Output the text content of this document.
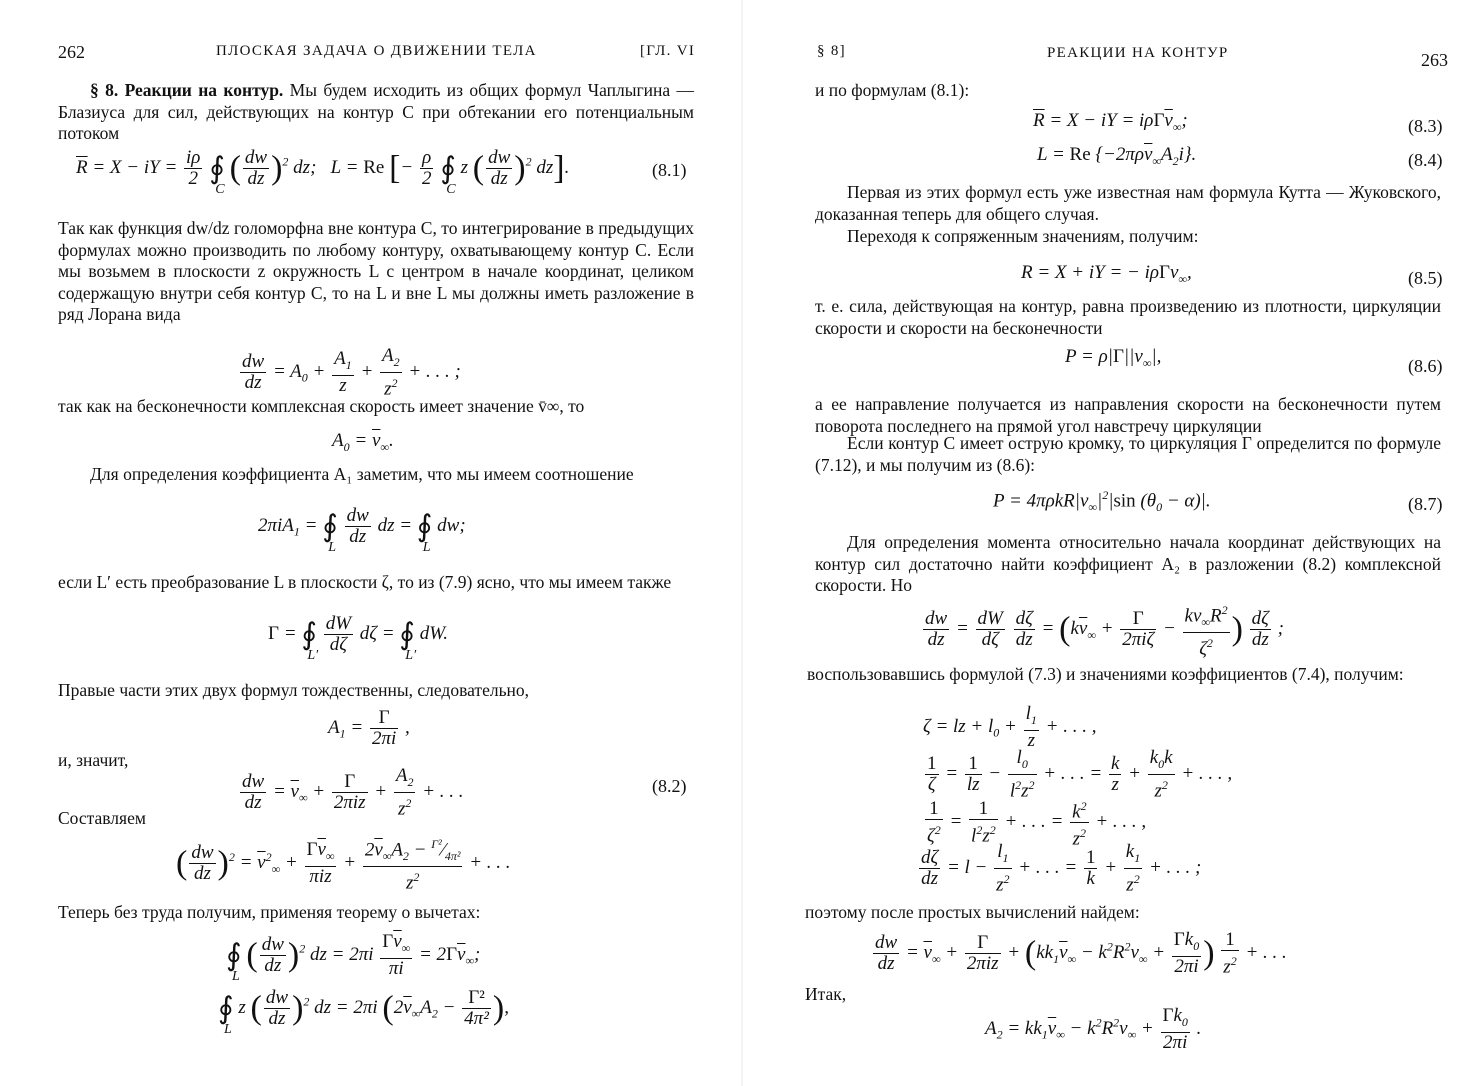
262	ПЛОСКАЯ ЗАДАЧА О ДВИЖЕНИИ ТЕЛА	[ГЛ. VI

§ 8. Реакции на контур. Мы будем исходить из общих формул Чаплыгина — Блазиуса для сил, действующих на контур C при обтекании его потенциальным потоком

$\overline{R} = X$ − iY = $\frac{i\rho}{2}$ ∮
C
( $\frac{dw}{dz} )^2$ dz;   L = Re [− $\frac{\rho}{2}$ ∮
C
z ( $\frac{dw}{dz} )^2$ dz].	(8.1)

Так как функция dw/dz голоморфна вне контура C, то интегрирование в предыдущих формулах можно производить по любому контуру, охватывающему контур C. Если мы возьмем в плоскости z окружность L с центром в начале координат, целиком содержащую внутри себя контур C, то на L и вне L мы должны иметь разложение в ряд Лорана вида

$\frac{dw}{dz} = A_0 + \frac{A_1}{z} + \frac{A_2}{z^2}$ + . . . ;

так как на бесконечности комплексная скорость имеет значение v̄∞, то

$A_0 = \overline{v}_\infty$.

Для определения коэффициента A₁ заметим, что мы имеем соотношение

2πiA$_1$ = ∮
L

$\frac{dw}{dz}$ dz = ∮
L
dw;

если L′ есть преобразование L в плоскости ζ, то из (7.9) ясно, что мы имеем также

Γ = ∮
L′

$\frac{dW}{d\zeta}$ dζ = ∮
L′
dW.

Правые части этих двух формул тождественны, следовательно,

$A_1 = \frac{\Gamma}{2\pi i}$ ,

и, значит,

$\frac{dw}{dz} = \overline{v}_\infty + \frac{\Gamma}{\text{2πiz}} + \frac{A_2}{z^2}$ + . . .	(8.2)

Составляем

( $\frac{dw}{dz} )^2 = \overline{v}^2_\infty + \frac{\Gamma\overline{v}_\infty}{\text{πiz}} + \frac{2\overline{v}_\infty A_2 - ^{\Gamma^2}⁄_{4\pi^2}}{z^2}$ + . . .

Теперь без труда получим, применяя теорему о вычетах:

∮
L
( $\frac{dw}{dz} )^2$ dz = $2\pi i \frac{\Gamma\overline{v}_\infty}{\pi i} = 2\Gamma\overline{v}_\infty$;
∮
L
z ( $\frac{dw}{dz} )^2$ dz = 2πi ($2\overline{v}_\infty A_2 - \frac{\text{Γ²}}{\text{4π²}}$ ),
§ 8]	РЕАКЦИИ НА КОНТУР	263

и по формулам (8.1):

$\overline{R} = X$ − iY = $i\rho\Gamma\overline{v}_\infty$;	(8.3)
L = Re $\{-2\pi\rho\overline{v}_\infty A_2i\}$.	(8.4)

Первая из этих формул есть уже известная нам формула Кутта — Жуковского, доказанная теперь для общего случая.

Переходя к сопряженным значениям, получим:

R = X + iY = − iρΓv$_\infty$,	(8.5)

т. е. сила, действующая на контур, равна произведению из плотности, циркуляции скорости и скорости на бесконечности

$P = \rho|\Gamma||v_\infty|$,	(8.6)

а ее направление получается из направления скорости на бесконечности путем поворота последнего на прямой угол навстречу циркуляции

Если контур C имеет острую кромку, то циркуляция Γ определится по формуле (7.12), и мы получим из (8.6):

$P = 4\pi\rho kR|v_\infty|^2|\sin$ $(\theta_0 - \alpha)|$.	(8.7)

Для определения момента относительно начала координат действующих на контур сил достаточно найти коэффициент A₂ в разложении (8.2) комплексной скорости. Но

$\frac{dw}{dz} = \frac{dW}{d\zeta}$
$\frac{d\zeta}{dz} = (k\overline{v}_\infty + \frac{\Gamma}{\text{2πiζ}} - \frac{kv_\infty R^2}{\zeta^2}$ ) $\frac{d\zeta}{dz}$ ;

воспользовавшись формулой (7.3) и значениями коэффициентов (7.4), получим:

ζ = lz + $l_0 + \frac{l_1}{z}$ + . . . ,
$\frac{1}{\zeta} = \frac{1}{lz} - \frac{l_0}{l^2z^2}$ + . . . = $\frac{k}{z} + \frac{k_0k}{z^2}$ + . . . ,
$\frac{1}{\zeta^2} = \frac{1}{l^2z^2}$ + . . . = $\frac{k^2}{z^2}$ + . . . ,
$\frac{d\zeta}{dz} = l - \frac{l_1}{z^2}$ + . . . = $\frac{1}{k} + \frac{k_1}{z^2}$ + . . . ;

поэтому после простых вычислений найдем:

$\frac{dw}{dz} = \overline{v}_\infty + \frac{\Gamma}{\text{2πiz}} + (kk_1\overline{v}_\infty - k^2R^2v_\infty + \frac{\Gamma k_0}{2\pi i}$ ) $\frac{1}{z^2}$ + . . .

Итак,

$A_2 = kk_1\overline{v}_\infty - k^2R^2v_\infty + \frac{\Gamma k_0}{2\pi i}$ .
